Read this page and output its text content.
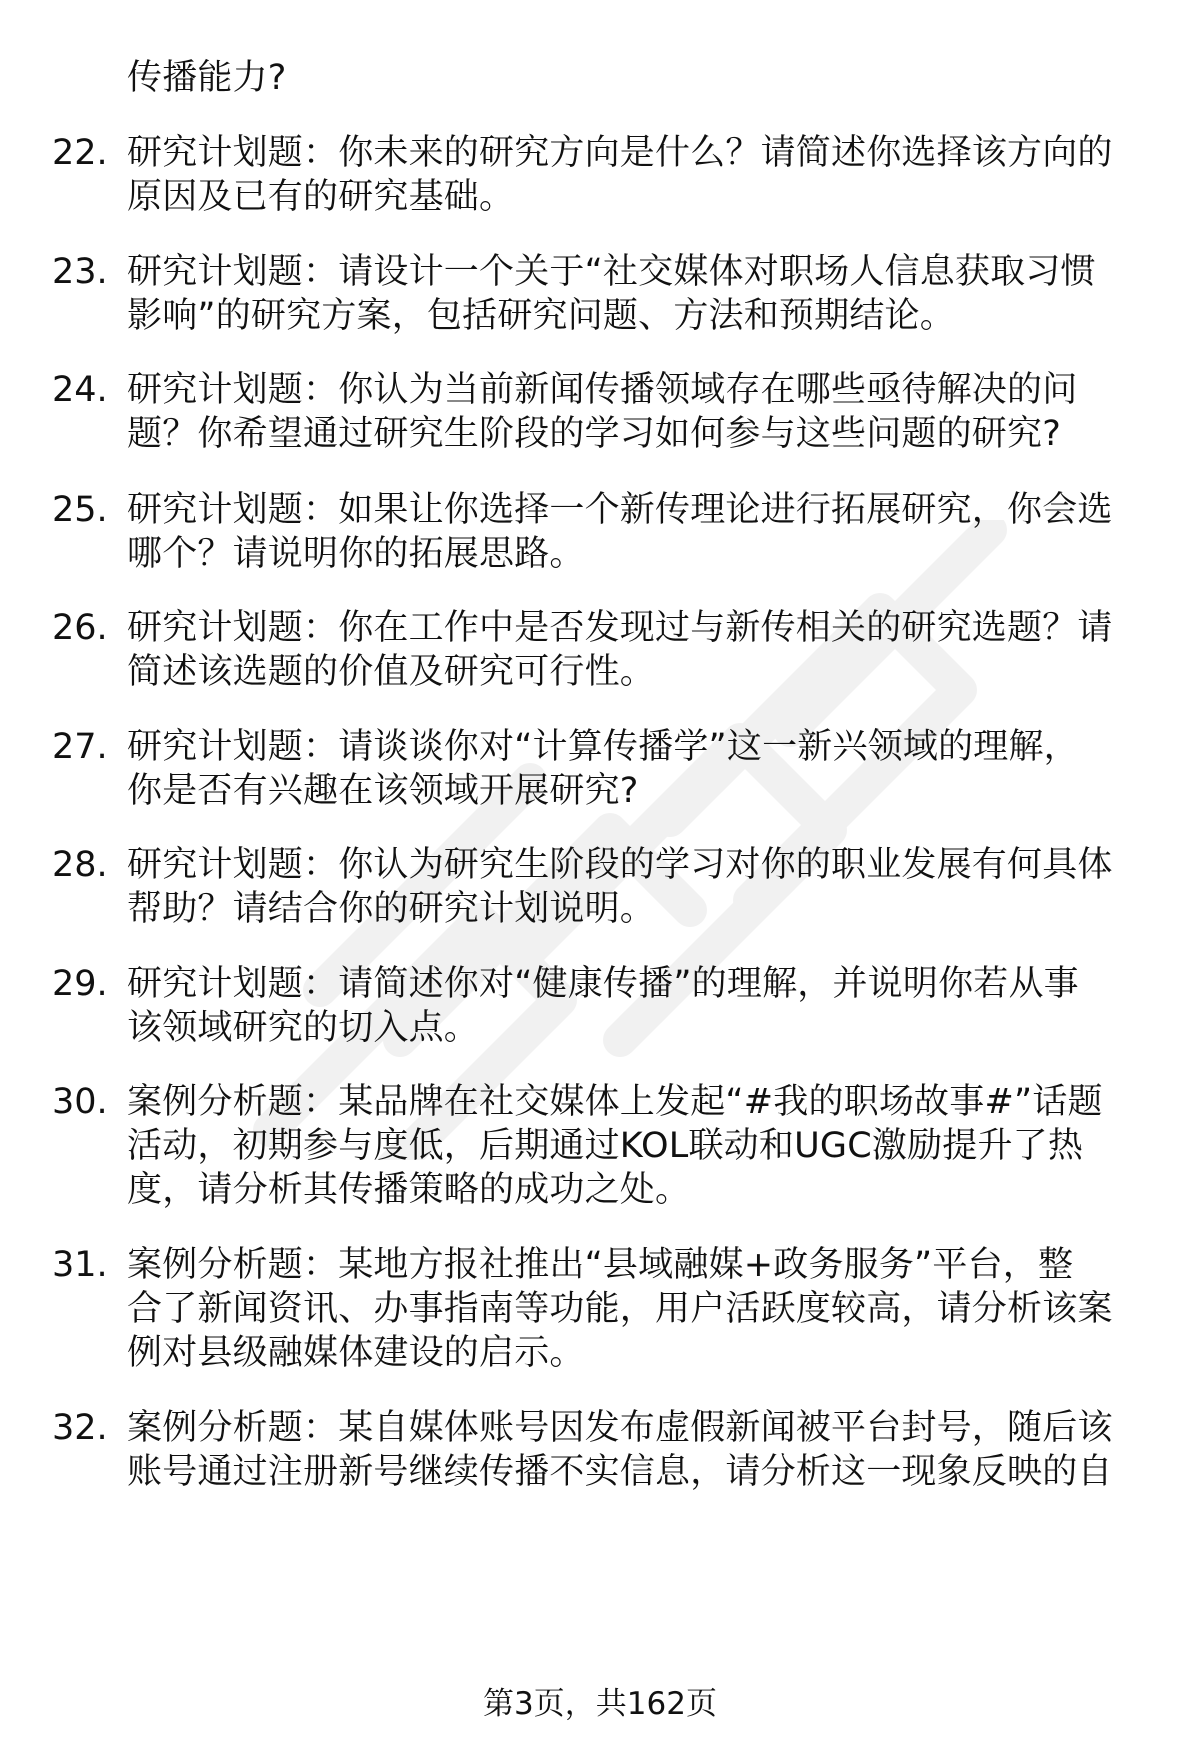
传播能力?
22. 研究计划题：你未来的研究方向是什么？请简述你选择该方向的
原因及已有的研究基础。
23. 研究计划题：请设计一个关于“社交媒体对职场人信息获取习惯
影响”的研究方案，包括研究问题、方法和预期结论。
24. 研究计划题：你认为当前新闻传播领域存在哪些亟待解决的问
题？你希望通过研究生阶段的学习如何参与这些问题的研究?
25. 研究计划题：如果让你选择一个新传理论进行拓展研究，你会选
哪个？请说明你的拓展思路。
26. 研究计划题：你在工作中是否发现过与新传相关的研究选题？请
简述该选题的价值及研究可行性。
27. 研究计划题：请谈谈你对“计算传播学”这一新兴领域的理解，
你是否有兴趣在该领域开展研究?
28. 研究计划题：你认为研究生阶段的学习对你的职业发展有何具体
帮助？请结合你的研究计划说明。
29. 研究计划题：请简述你对“健康传播”的理解，并说明你若从事
该领域研究的切入点。
30. 案例分析题：某品牌在社交媒体上发起“#我的职场故事#”话题
活动，初期参与度低，后期通过KOL联动和UGC激励提升了热
度，请分析其传播策略的成功之处。
31. 案例分析题：某地方报社推出“县域融媒+政务服务”平台，整
合了新闻资讯、办事指南等功能，用户活跃度较高，请分析该案
例对县级融媒体建设的启示。
32. 案例分析题：某自媒体账号因发布虚假新闻被平台封号，随后该
账号通过注册新号继续传播不实信息，请分析这一现象反映的自
第3页，共162页
